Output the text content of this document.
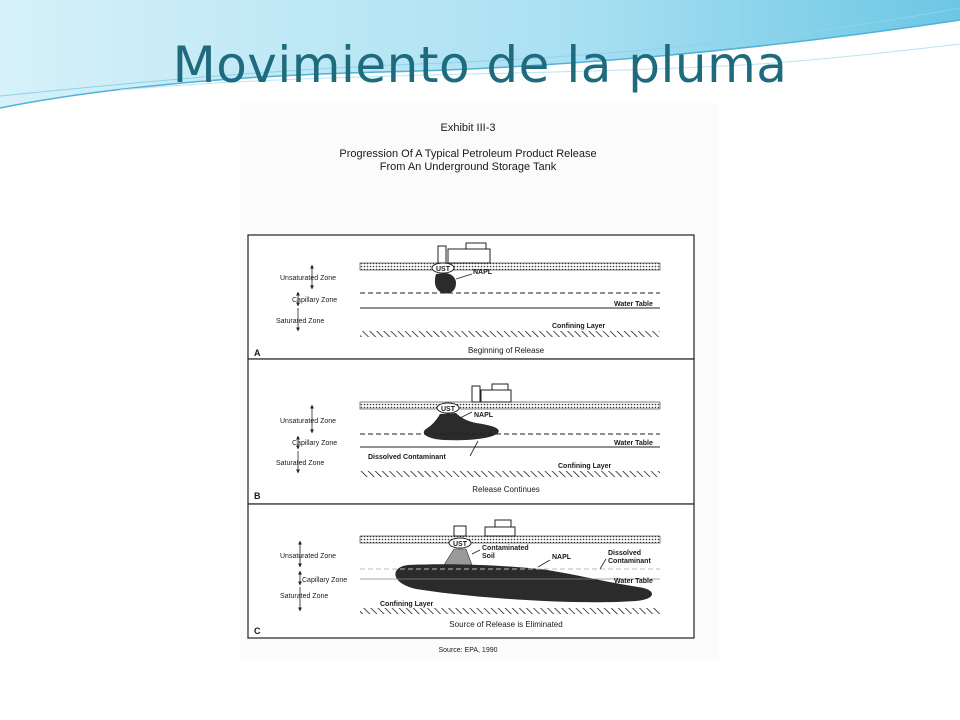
Movimiento de la pluma
Exhibit III-3
Progression Of A Typical Petroleum Product Release
From An Underground Storage Tank
UST	NAPL
Water Table
Confining Layer
Unsaturated Zone
Capillary Zone
Saturated Zone
A	Beginning of Release
UST
NAPL
Water Table
Dissolved Contaminant
Confining Layer
Unsaturated Zone
Capillary Zone
Saturated Zone
B
Release Continues
UST
Contaminated
Soil	NAPL
Dissolved
Contaminant
Water Table
Confining Layer
Unsaturated Zone
Capillary Zone
Saturated Zone
C
Source of Release is Eliminated
Source: EPA, 1990
